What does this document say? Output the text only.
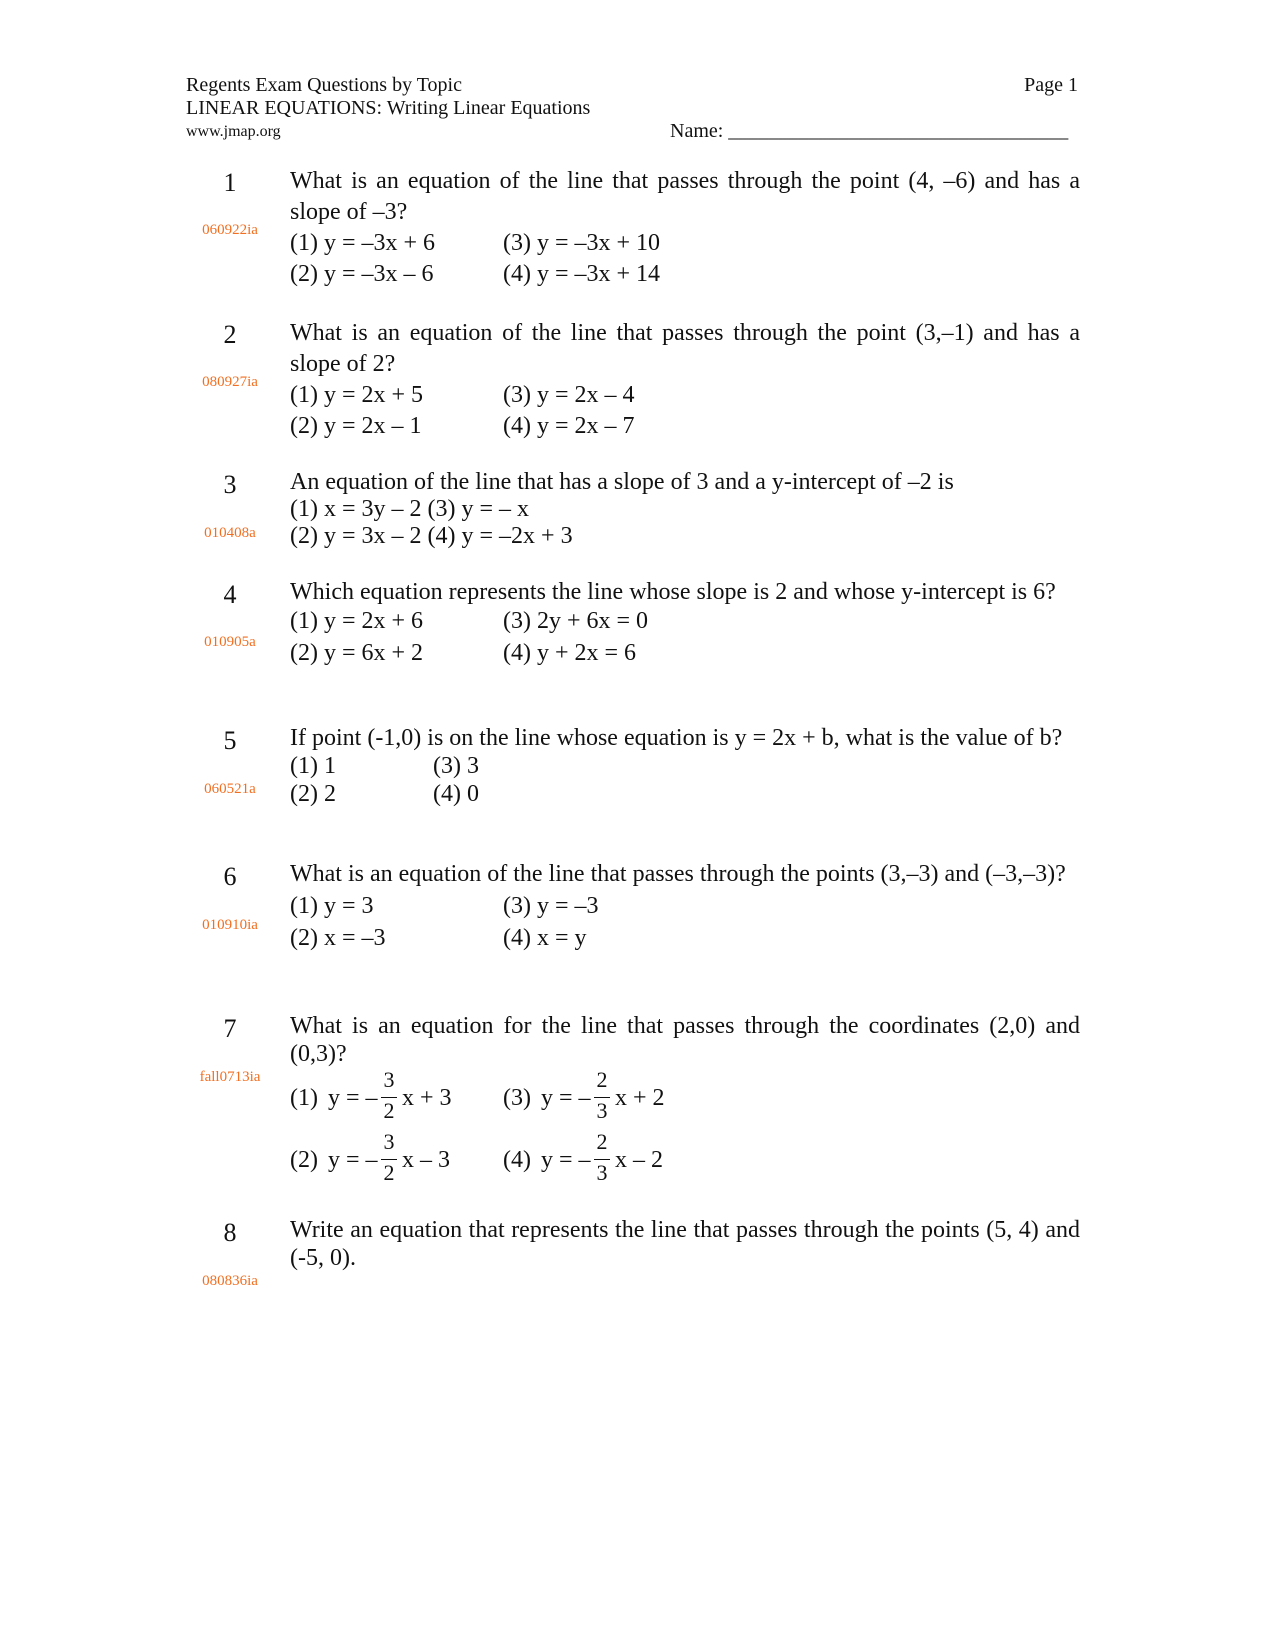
Regents Exam Questions by Topic
LINEAR EQUATIONS: Writing Linear Equations
www.jmap.org
Page 1
Name: __________________________________
1
060922ia
What is an equation of the line that passes through the point (4, –6) and has a slope of –3?
(1) y = –3x + 6
(2) y = –3x – 6
(3) y = –3x + 10
(4) y = –3x + 14
2
080927ia
What is an equation of the line that passes through the point (3,–1) and has a slope of 2?
(1) y = 2x + 5
(2) y = 2x – 1
(3) y = 2x – 4
(4) y = 2x – 7
3
010408a
An equation of the line that has a slope of 3 and a y-intercept of –2 is
(1) x = 3y – 2 (3) y = – x
(2) y = 3x – 2 (4) y = –2x + 3
4
010905a
Which equation represents the line whose slope is 2 and whose y-intercept is 6?
(1) y = 2x + 6
(2) y = 6x + 2
(3) 2y + 6x = 0
(4) y + 2x = 6
5
060521a
If point (-1,0) is on the line whose equation is y = 2x + b, what is the value of b?
(1) 1
(2) 2
(3) 3
(4) 0
6
010910ia
What is an equation of the line that passes through the points (3,–3) and (–3,–3)?
(1) y = 3
(2) x = –3
(3) y = –3
(4) x = y
7
fall0713ia
What is an equation for the line that passes through the coordinates (2,0) and (0,3)?
(1) y = –
3
2 x + 3
(2) y = –
3
2 x – 3
(3) y = –
2
3 x + 2
(4) y = –
2
3 x – 2
8
080836ia
Write an equation that represents the line that passes through the points (5, 4) and (-5, 0).
